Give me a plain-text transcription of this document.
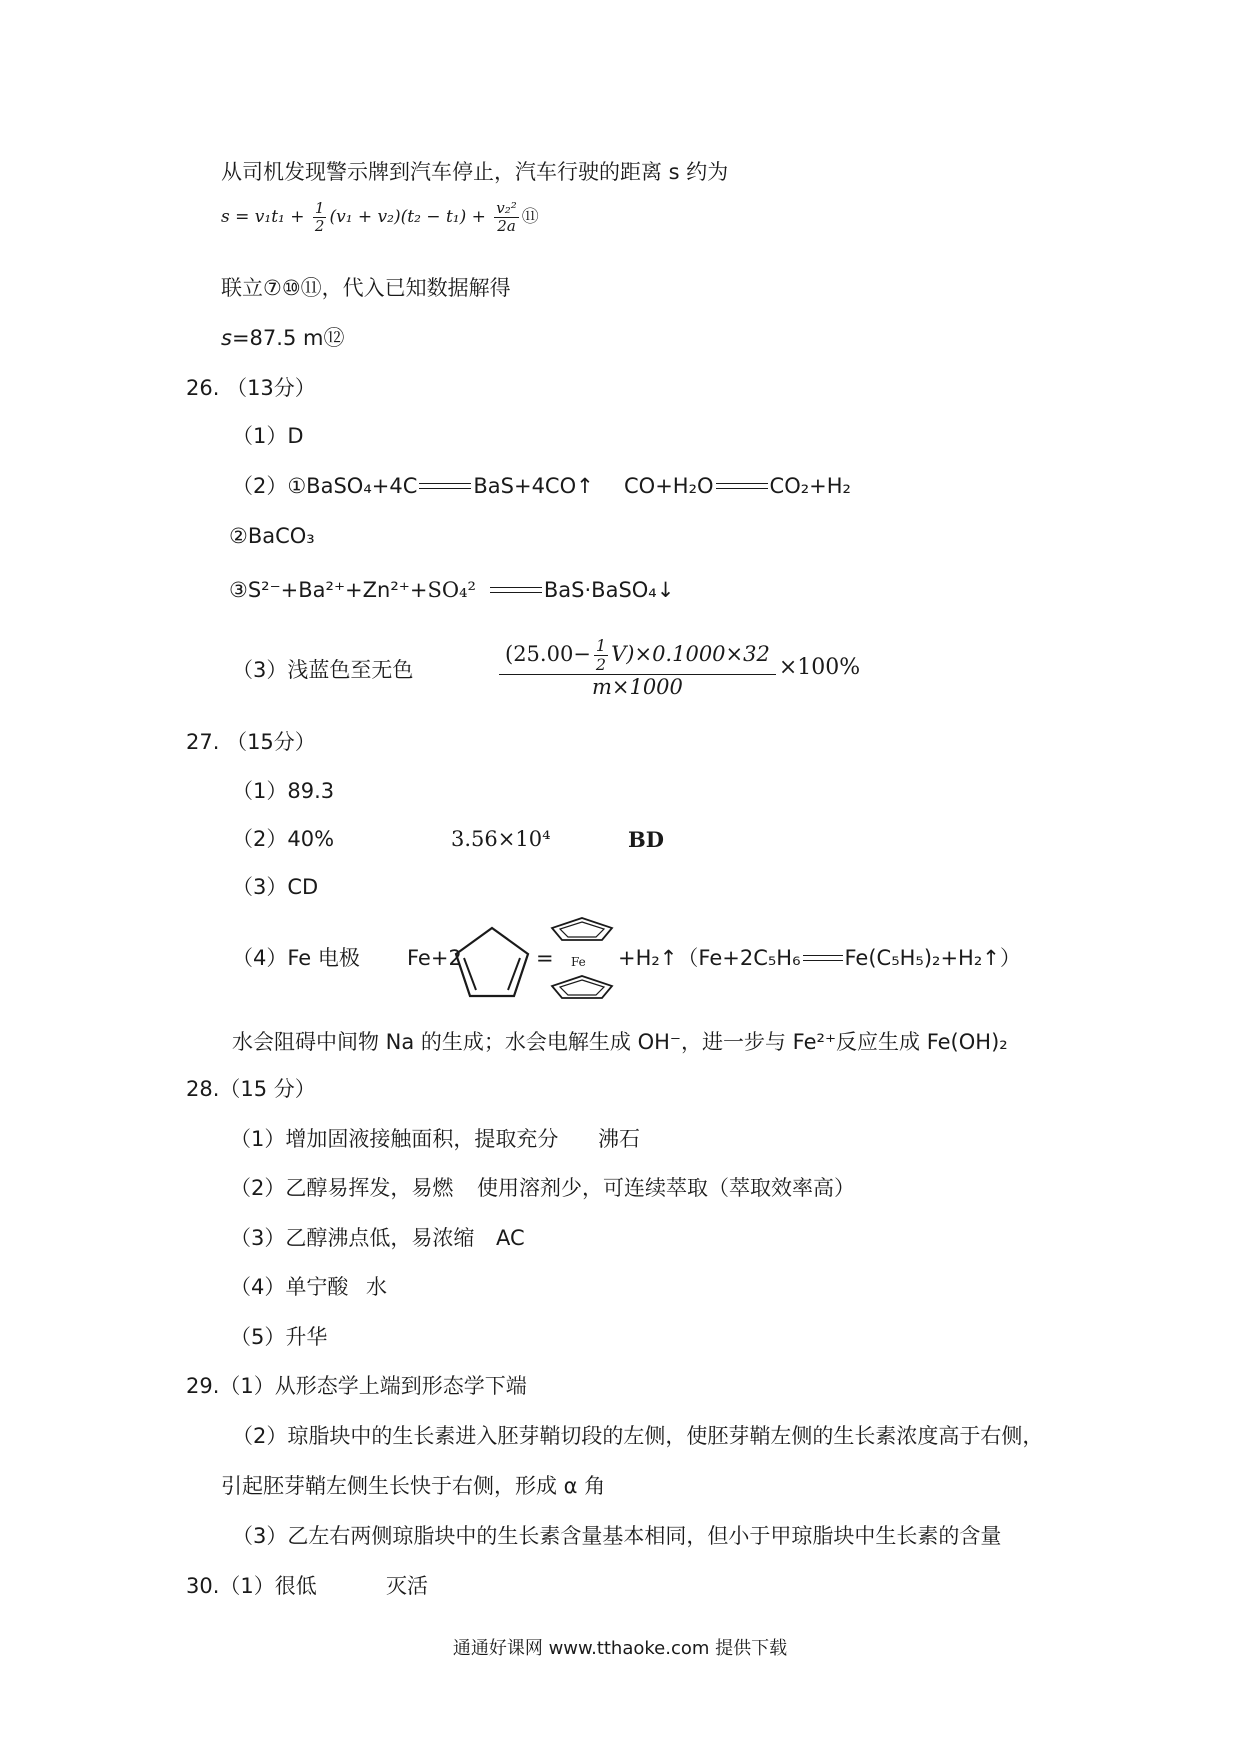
从司机发现警示牌到汽车停止，汽车行驶的距离 s 约为
$s = v_1t_1 + \frac{1}{2} (v_1 + v_2)(t_2 - t_1) + \frac{\text{v₂²}}{2a}$ ⑪
联立⑦⑩⑪，代入已知数据解得
s=87.5 m⑫
26. （13分）
（1）D
（2）①BaSO₄+4C	BaS+4CO↑ CO+H₂O	CO₂+H₂
②BaCO₃
③S²⁻+Ba²⁺+Zn²⁺+SO₄²	BaS·BaSO₄↓
（3）浅蓝色至无色	$\frac{(25.00- \frac{1}{2} V)\times 0.1000\times 32}{m\times 1000} \times 100\%$
27. （15分）
（1）89.3
（2）40%	3.56×10⁴	BD
（3）CD
（4）Fe 电极 Fe+2	= Fe +H₂↑（Fe+2C₅H₆ Fe(C₅H₅)₂+H₂↑）
水会阻碍中间物 Na 的生成；水会电解生成 OH⁻，进一步与 Fe²⁺反应生成 Fe(OH)₂
28.（15 分）
（1）增加固液接触面积，提取充分 沸石
（2）乙醇易挥发，易燃 使用溶剂少，可连续萃取（萃取效率高）
（3）乙醇沸点低，易浓缩 AC
（4）单宁酸 水
（5）升华
29.（1）从形态学上端到形态学下端
（2）琼脂块中的生长素进入胚芽鞘切段的左侧，使胚芽鞘左侧的生长素浓度高于右侧，
引起胚芽鞘左侧生长快于右侧，形成 α 角
（3）乙左右两侧琼脂块中的生长素含量基本相同，但小于甲琼脂块中生长素的含量
30.（1）很低	灭活
通通好课网 www.tthaoke.com 提供下载
